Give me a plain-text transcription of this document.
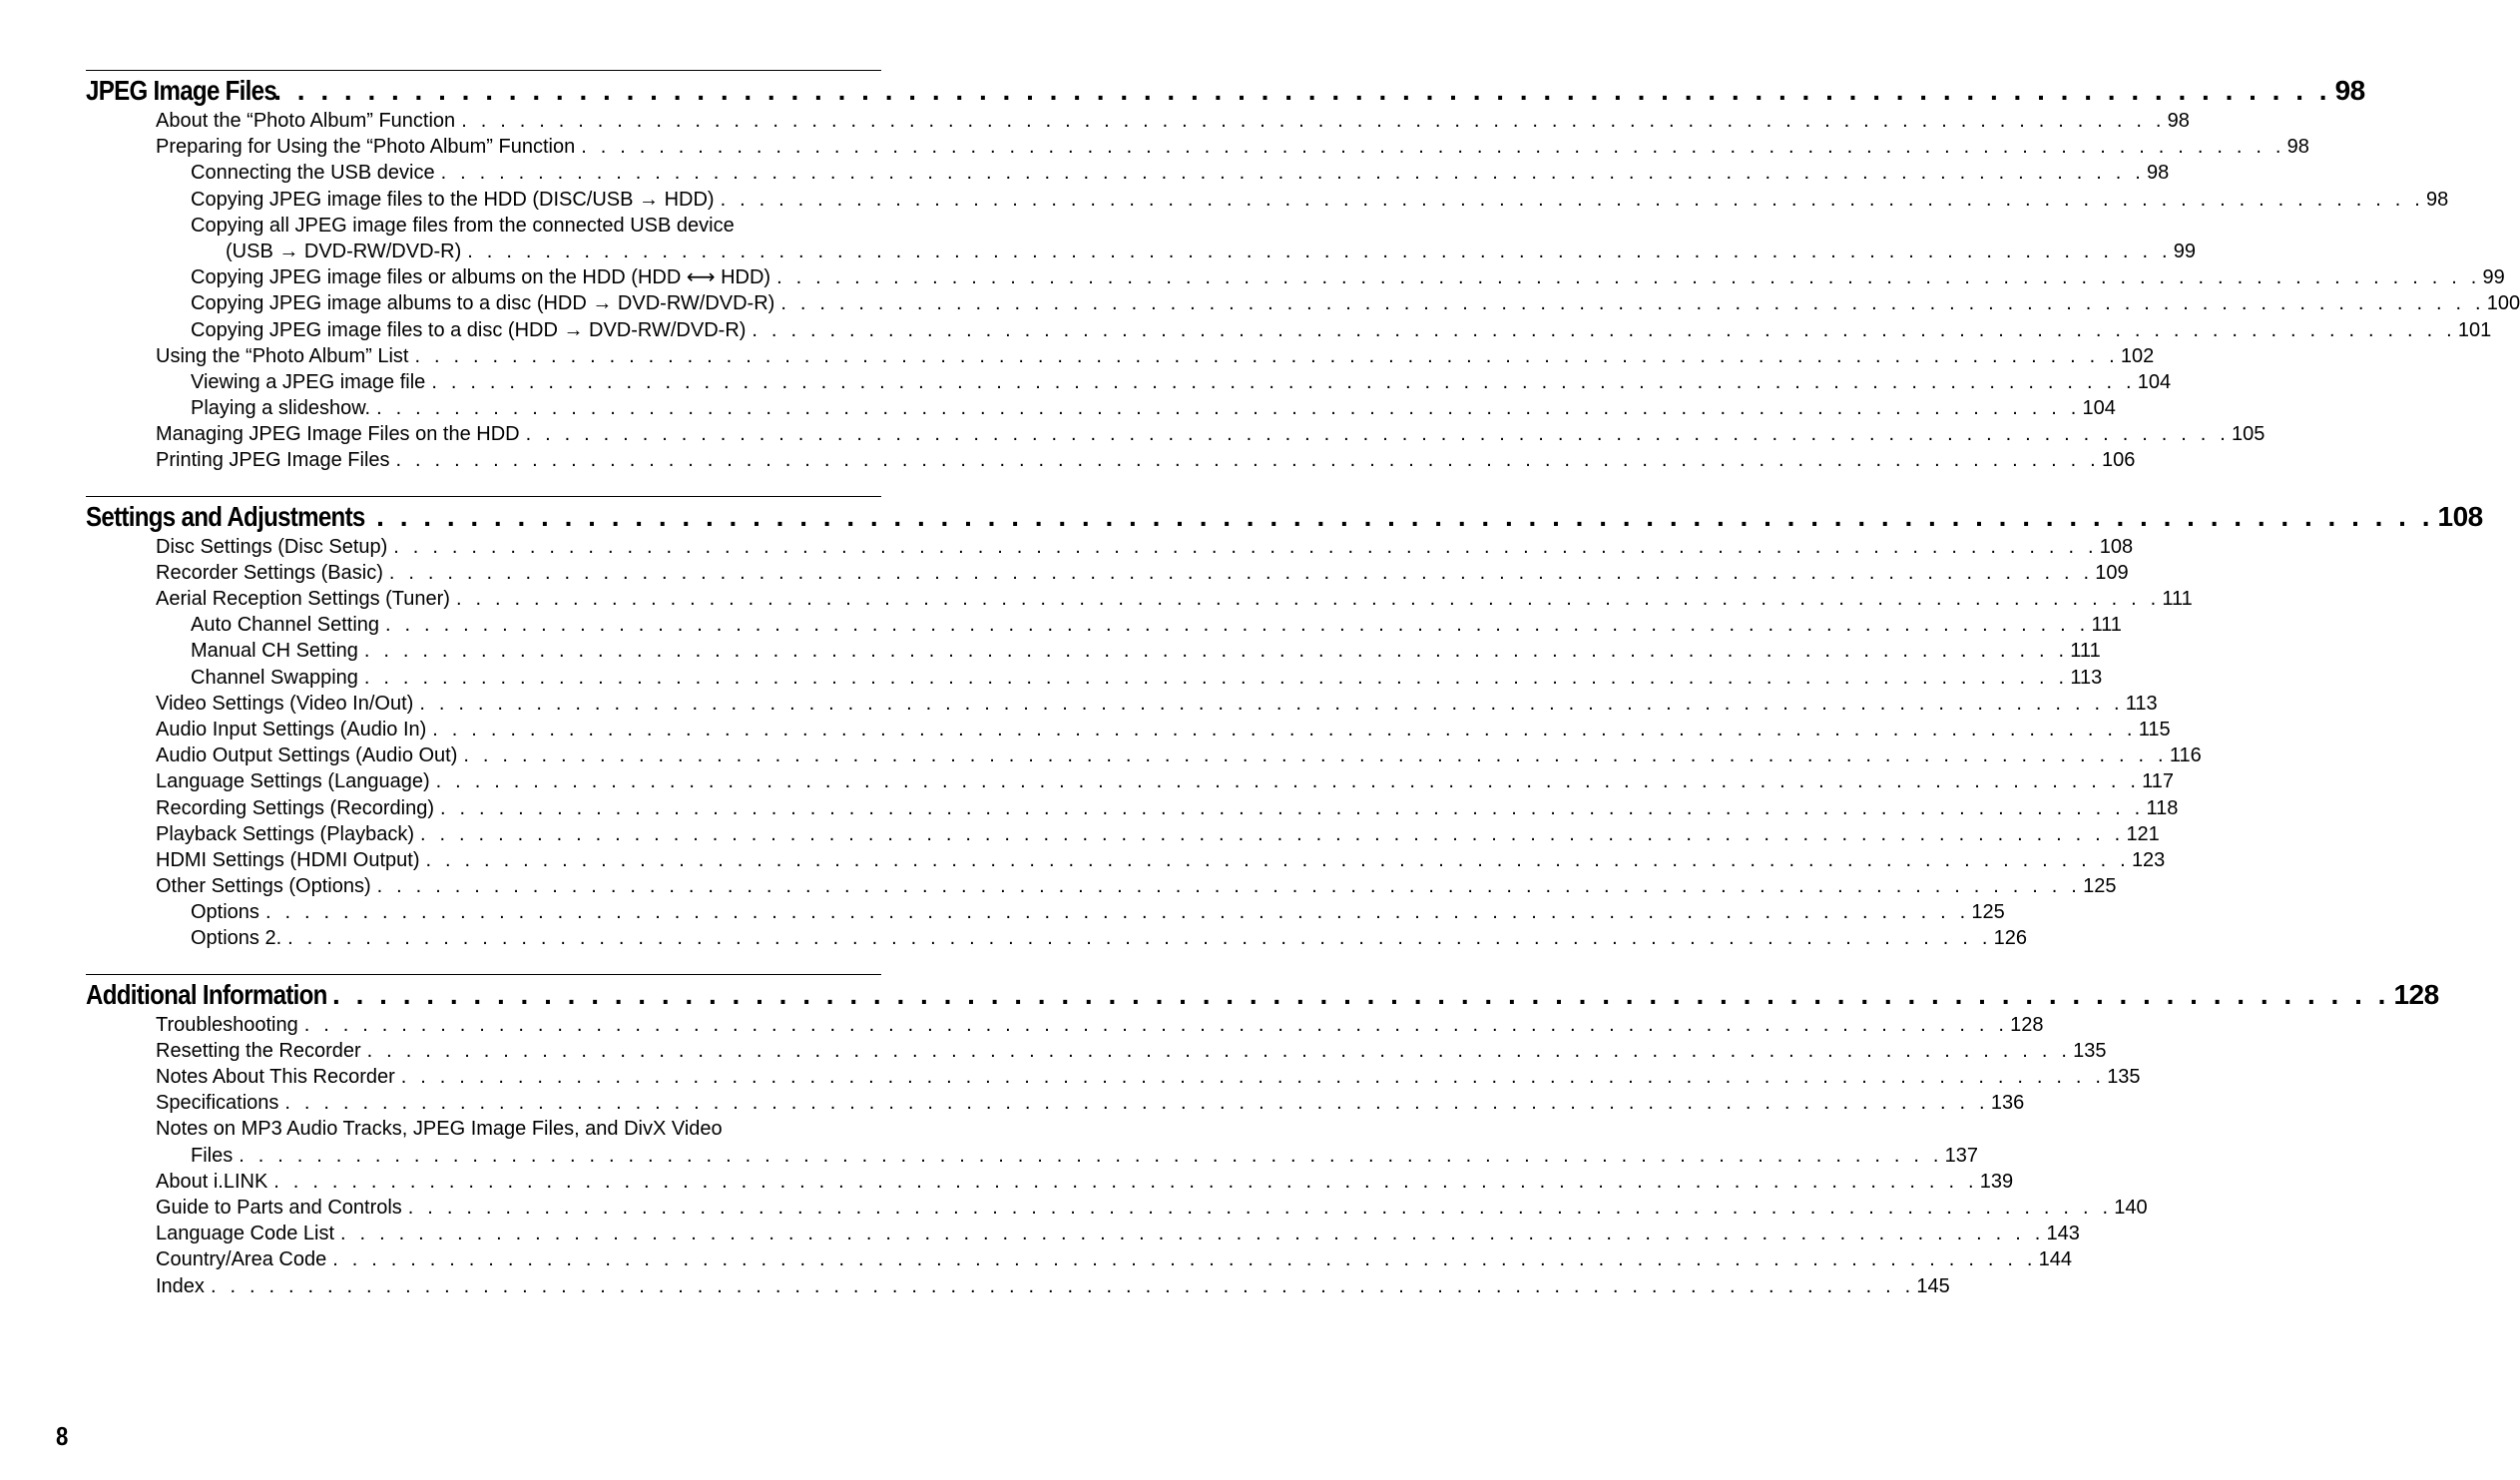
JPEG Image Files
. . . . . . . . . . . . . . . . . . . . . . . . . . . . . . . . . . . . . . . . . . . . . . . . . . . . . . . . . . . . . . . . . . . . . . . . . . . . . . . . . . . . . . . . 98
About the “Photo Album” Function . . . . . . . . . . . . . . . . . . . . . . . . . . . . . . . . . . . . . . . . . . . . . . . . . . . . . . . . . . . . . . . . . . . . . . . . . . . . . . . . . . . . . . . . 98
Preparing for Using the “Photo Album” Function . . . . . . . . . . . . . . . . . . . . . . . . . . . . . . . . . . . . . . . . . . . . . . . . . . . . . . . . . . . . . . . . . . . . . . . . . . . . . . . . . . . . . . . . 98
Connecting the USB device . . . . . . . . . . . . . . . . . . . . . . . . . . . . . . . . . . . . . . . . . . . . . . . . . . . . . . . . . . . . . . . . . . . . . . . . . . . . . . . . . . . . . . . . 98
Copying JPEG image files to the HDD (DISC/USB → HDD) . . . . . . . . . . . . . . . . . . . . . . . . . . . . . . . . . . . . . . . . . . . . . . . . . . . . . . . . . . . . . . . . . . . . . . . . . . . . . . . . . . . . . . . . 98
Copying all JPEG image files from the connected USB device
(USB → DVD-RW/DVD-R) . . . . . . . . . . . . . . . . . . . . . . . . . . . . . . . . . . . . . . . . . . . . . . . . . . . . . . . . . . . . . . . . . . . . . . . . . . . . . . . . . . . . . . . . 99
Copying JPEG image files or albums on the HDD (HDD ⟷ HDD) . . . . . . . . . . . . . . . . . . . . . . . . . . . . . . . . . . . . . . . . . . . . . . . . . . . . . . . . . . . . . . . . . . . . . . . . . . . . . . . . . . . . . . . . 99
Copying JPEG image albums to a disc (HDD → DVD-RW/DVD-R) . . . . . . . . . . . . . . . . . . . . . . . . . . . . . . . . . . . . . . . . . . . . . . . . . . . . . . . . . . . . . . . . . . . . . . . . . . . . . . . . . . . . . . . . 100
Copying JPEG image files to a disc (HDD → DVD-RW/DVD-R) . . . . . . . . . . . . . . . . . . . . . . . . . . . . . . . . . . . . . . . . . . . . . . . . . . . . . . . . . . . . . . . . . . . . . . . . . . . . . . . . . . . . . . . . 101
Using the “Photo Album” List . . . . . . . . . . . . . . . . . . . . . . . . . . . . . . . . . . . . . . . . . . . . . . . . . . . . . . . . . . . . . . . . . . . . . . . . . . . . . . . . . . . . . . . . 102
Viewing a JPEG image file . . . . . . . . . . . . . . . . . . . . . . . . . . . . . . . . . . . . . . . . . . . . . . . . . . . . . . . . . . . . . . . . . . . . . . . . . . . . . . . . . . . . . . . . 104
Playing a slideshow. . . . . . . . . . . . . . . . . . . . . . . . . . . . . . . . . . . . . . . . . . . . . . . . . . . . . . . . . . . . . . . . . . . . . . . . . . . . . . . . . . . . . . . . . 104
Managing JPEG Image Files on the HDD . . . . . . . . . . . . . . . . . . . . . . . . . . . . . . . . . . . . . . . . . . . . . . . . . . . . . . . . . . . . . . . . . . . . . . . . . . . . . . . . . . . . . . . . 105
Printing JPEG Image Files . . . . . . . . . . . . . . . . . . . . . . . . . . . . . . . . . . . . . . . . . . . . . . . . . . . . . . . . . . . . . . . . . . . . . . . . . . . . . . . . . . . . . . . . 106
Settings and Adjustments . . . . . . . . . . . . . . . . . . . . . . . . . . . . . . . . . . . . . . . . . . . . . . . . . . . . . . . . . . . . . . . . . . . . . . . . . . . . . . . . . . . . . . . . 108
Disc Settings (Disc Setup) . . . . . . . . . . . . . . . . . . . . . . . . . . . . . . . . . . . . . . . . . . . . . . . . . . . . . . . . . . . . . . . . . . . . . . . . . . . . . . . . . . . . . . . . 108
Recorder Settings (Basic) . . . . . . . . . . . . . . . . . . . . . . . . . . . . . . . . . . . . . . . . . . . . . . . . . . . . . . . . . . . . . . . . . . . . . . . . . . . . . . . . . . . . . . . . 109
Aerial Reception Settings (Tuner) . . . . . . . . . . . . . . . . . . . . . . . . . . . . . . . . . . . . . . . . . . . . . . . . . . . . . . . . . . . . . . . . . . . . . . . . . . . . . . . . . . . . . . . . 111
Auto Channel Setting . . . . . . . . . . . . . . . . . . . . . . . . . . . . . . . . . . . . . . . . . . . . . . . . . . . . . . . . . . . . . . . . . . . . . . . . . . . . . . . . . . . . . . . . 111
Manual CH Setting . . . . . . . . . . . . . . . . . . . . . . . . . . . . . . . . . . . . . . . . . . . . . . . . . . . . . . . . . . . . . . . . . . . . . . . . . . . . . . . . . . . . . . . . 111
Channel Swapping . . . . . . . . . . . . . . . . . . . . . . . . . . . . . . . . . . . . . . . . . . . . . . . . . . . . . . . . . . . . . . . . . . . . . . . . . . . . . . . . . . . . . . . . 113
Video Settings (Video In/Out) . . . . . . . . . . . . . . . . . . . . . . . . . . . . . . . . . . . . . . . . . . . . . . . . . . . . . . . . . . . . . . . . . . . . . . . . . . . . . . . . . . . . . . . . 113
Audio Input Settings (Audio In) . . . . . . . . . . . . . . . . . . . . . . . . . . . . . . . . . . . . . . . . . . . . . . . . . . . . . . . . . . . . . . . . . . . . . . . . . . . . . . . . . . . . . . . . 115
Audio Output Settings (Audio Out) . . . . . . . . . . . . . . . . . . . . . . . . . . . . . . . . . . . . . . . . . . . . . . . . . . . . . . . . . . . . . . . . . . . . . . . . . . . . . . . . . . . . . . . . 116
Language Settings (Language) . . . . . . . . . . . . . . . . . . . . . . . . . . . . . . . . . . . . . . . . . . . . . . . . . . . . . . . . . . . . . . . . . . . . . . . . . . . . . . . . . . . . . . . . 117
Recording Settings (Recording) . . . . . . . . . . . . . . . . . . . . . . . . . . . . . . . . . . . . . . . . . . . . . . . . . . . . . . . . . . . . . . . . . . . . . . . . . . . . . . . . . . . . . . . . 118
Playback Settings (Playback) . . . . . . . . . . . . . . . . . . . . . . . . . . . . . . . . . . . . . . . . . . . . . . . . . . . . . . . . . . . . . . . . . . . . . . . . . . . . . . . . . . . . . . . . 121
HDMI Settings (HDMI Output) . . . . . . . . . . . . . . . . . . . . . . . . . . . . . . . . . . . . . . . . . . . . . . . . . . . . . . . . . . . . . . . . . . . . . . . . . . . . . . . . . . . . . . . . 123
Other Settings (Options) . . . . . . . . . . . . . . . . . . . . . . . . . . . . . . . . . . . . . . . . . . . . . . . . . . . . . . . . . . . . . . . . . . . . . . . . . . . . . . . . . . . . . . . . 125
Options . . . . . . . . . . . . . . . . . . . . . . . . . . . . . . . . . . . . . . . . . . . . . . . . . . . . . . . . . . . . . . . . . . . . . . . . . . . . . . . . . . . . . . . . 125
Options 2. . . . . . . . . . . . . . . . . . . . . . . . . . . . . . . . . . . . . . . . . . . . . . . . . . . . . . . . . . . . . . . . . . . . . . . . . . . . . . . . . . . . . . . . . 126
Additional Information . . . . . . . . . . . . . . . . . . . . . . . . . . . . . . . . . . . . . . . . . . . . . . . . . . . . . . . . . . . . . . . . . . . . . . . . . . . . . . . . . . . . . . . . 128
Troubleshooting . . . . . . . . . . . . . . . . . . . . . . . . . . . . . . . . . . . . . . . . . . . . . . . . . . . . . . . . . . . . . . . . . . . . . . . . . . . . . . . . . . . . . . . . 128
Resetting the Recorder . . . . . . . . . . . . . . . . . . . . . . . . . . . . . . . . . . . . . . . . . . . . . . . . . . . . . . . . . . . . . . . . . . . . . . . . . . . . . . . . . . . . . . . . 135
Notes About This Recorder . . . . . . . . . . . . . . . . . . . . . . . . . . . . . . . . . . . . . . . . . . . . . . . . . . . . . . . . . . . . . . . . . . . . . . . . . . . . . . . . . . . . . . . . 135
Specifications . . . . . . . . . . . . . . . . . . . . . . . . . . . . . . . . . . . . . . . . . . . . . . . . . . . . . . . . . . . . . . . . . . . . . . . . . . . . . . . . . . . . . . . . 136
Notes on MP3 Audio Tracks, JPEG Image Files, and DivX Video
Files . . . . . . . . . . . . . . . . . . . . . . . . . . . . . . . . . . . . . . . . . . . . . . . . . . . . . . . . . . . . . . . . . . . . . . . . . . . . . . . . . . . . . . . . 137
About i.LINK . . . . . . . . . . . . . . . . . . . . . . . . . . . . . . . . . . . . . . . . . . . . . . . . . . . . . . . . . . . . . . . . . . . . . . . . . . . . . . . . . . . . . . . . 139
Guide to Parts and Controls . . . . . . . . . . . . . . . . . . . . . . . . . . . . . . . . . . . . . . . . . . . . . . . . . . . . . . . . . . . . . . . . . . . . . . . . . . . . . . . . . . . . . . . . 140
Language Code List . . . . . . . . . . . . . . . . . . . . . . . . . . . . . . . . . . . . . . . . . . . . . . . . . . . . . . . . . . . . . . . . . . . . . . . . . . . . . . . . . . . . . . . . 143
Country/Area Code . . . . . . . . . . . . . . . . . . . . . . . . . . . . . . . . . . . . . . . . . . . . . . . . . . . . . . . . . . . . . . . . . . . . . . . . . . . . . . . . . . . . . . . . 144
Index . . . . . . . . . . . . . . . . . . . . . . . . . . . . . . . . . . . . . . . . . . . . . . . . . . . . . . . . . . . . . . . . . . . . . . . . . . . . . . . . . . . . . . . . 145
8
